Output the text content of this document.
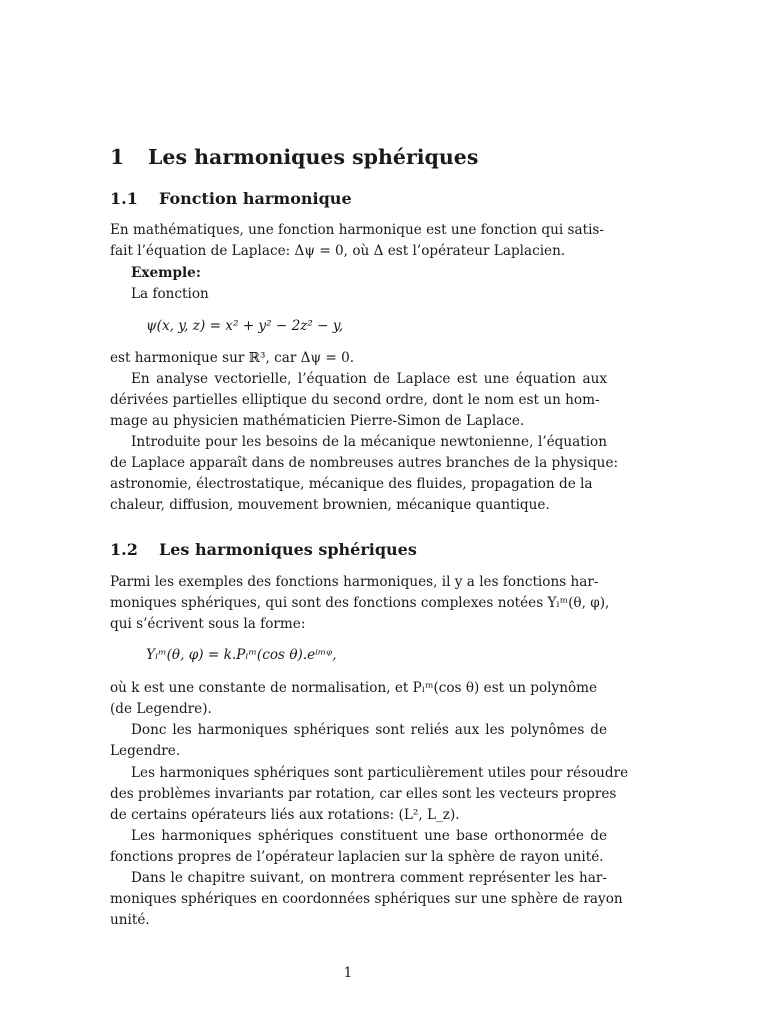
1 Les harmoniques sphériques
1.1 Fonction harmonique
En mathématiques, une fonction harmonique est une fonction qui satis-
fait l’équation de Laplace: Δψ = 0, où Δ est l’opérateur Laplacien.
Exemple:
La fonction
ψ(x, y, z) = x² + y² − 2z² − y,
est harmonique sur ℝ³, car Δψ = 0.
En analyse vectorielle, l’équation de Laplace est une équation aux
dérivées partielles elliptique du second ordre, dont le nom est un hom-
mage au physicien mathématicien Pierre-Simon de Laplace.
Introduite pour les besoins de la mécanique newtonienne, l’équation
de Laplace apparaît dans de nombreuses autres branches de la physique:
astronomie, électrostatique, mécanique des fluides, propagation de la
chaleur, diffusion, mouvement brownien, mécanique quantique.
1.2 Les harmoniques sphériques
Parmi les exemples des fonctions harmoniques, il y a les fonctions har-
moniques sphériques, qui sont des fonctions complexes notées Yₗᵐ(θ, φ),
qui s’écrivent sous la forme:
Yₗᵐ(θ, φ) = k.Pₗᵐ(cos θ).eⁱᵐᵠ,
où k est une constante de normalisation, et Pₗᵐ(cos θ) est un polynôme
(de Legendre).
Donc les harmoniques sphériques sont reliés aux les polynômes de
Legendre.
Les harmoniques sphériques sont particulièrement utiles pour résoudre
des problèmes invariants par rotation, car elles sont les vecteurs propres
de certains opérateurs liés aux rotations: (L², L_z).
Les harmoniques sphériques constituent une base orthonormée de
fonctions propres de l’opérateur laplacien sur la sphère de rayon unité.
Dans le chapitre suivant, on montrera comment représenter les har-
moniques sphériques en coordonnées sphériques sur une sphère de rayon
unité.
1
